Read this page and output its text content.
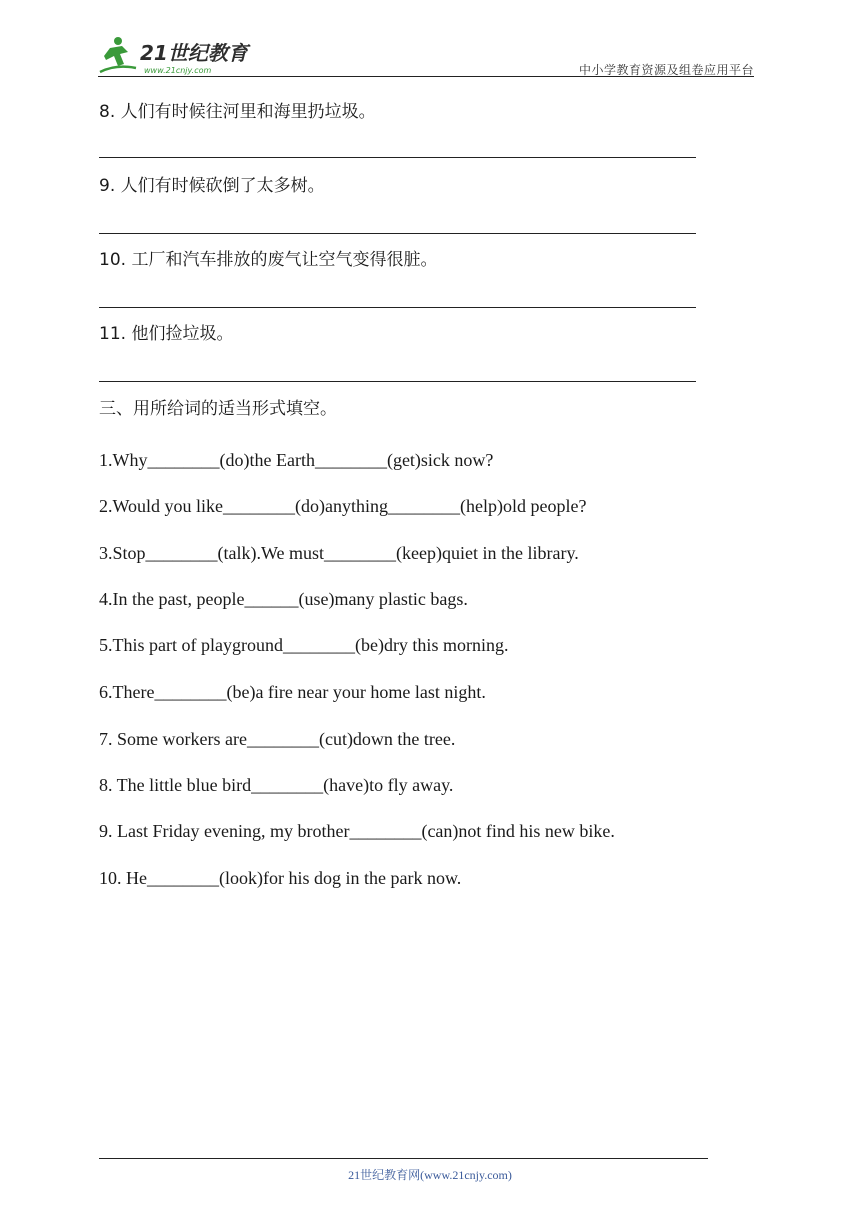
21世纪教育
www.21cnjy.com	中小学教育资源及组卷应用平台
8. 人们有时候往河里和海里扔垃圾。
9. 人们有时候砍倒了太多树。
10. 工厂和汽车排放的废气让空气变得很脏。
11. 他们捡垃圾。
三、用所给词的适当形式填空。
1.Why________(do)the Earth________(get)sick now?
2.Would you like________(do)anything________(help)old people?
3.Stop________(talk).We must________(keep)quiet in the library.
4.In the past, people______(use)many plastic bags.
5.This part of playground________(be)dry this morning.
6.There________(be)a fire near your home last night.
7. Some workers are________(cut)down the tree.
8. The little blue bird________(have)to fly away.
9. Last Friday evening, my brother________(can)not find his new bike.
10. He________(look)for his dog in the park now.
21世纪教育网(www.21cnjy.com)
